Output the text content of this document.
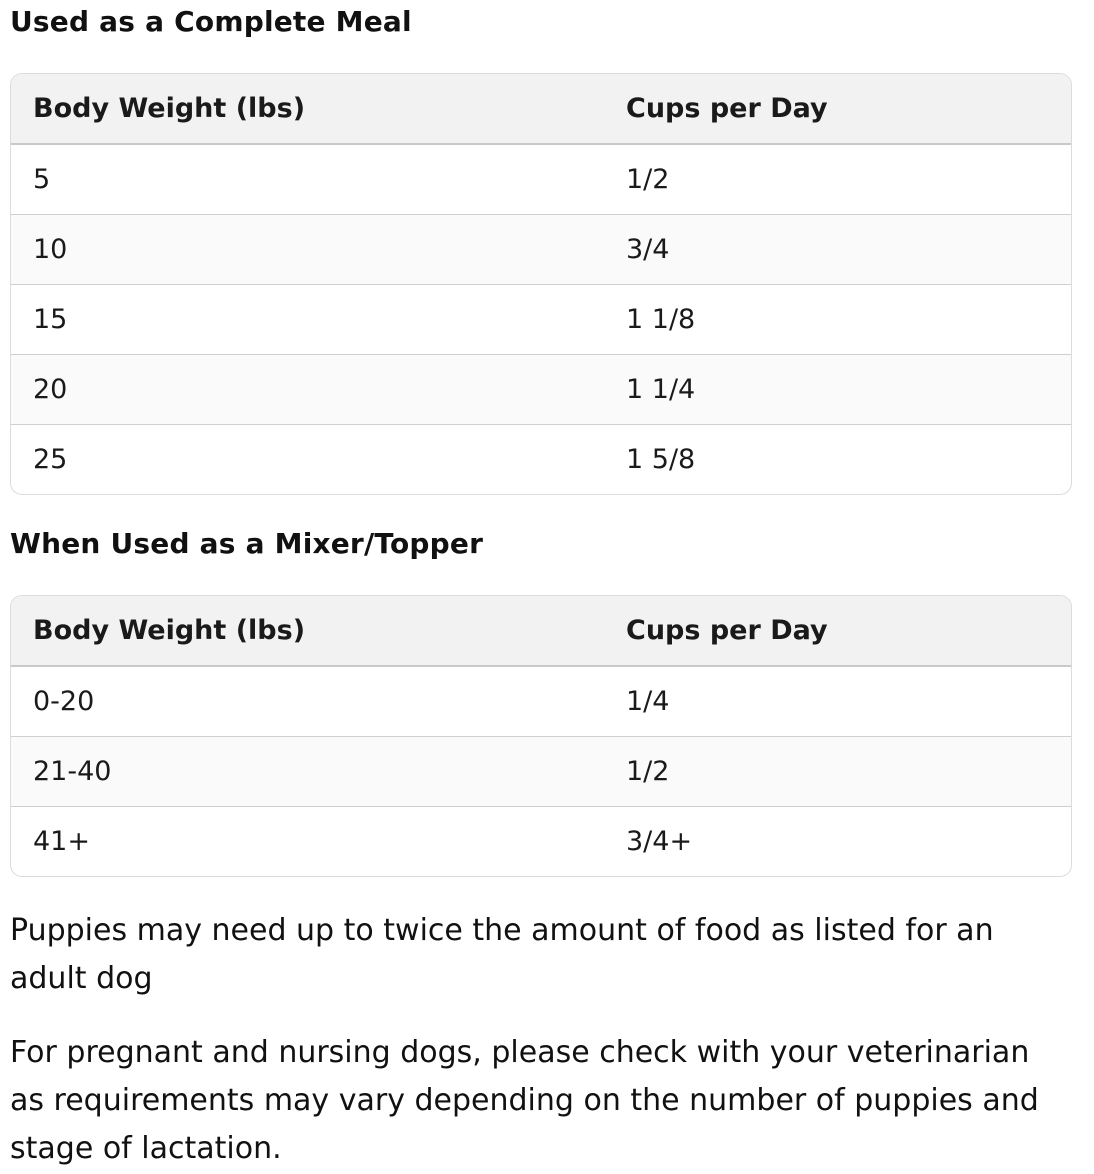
Used as a Complete Meal
Body Weight (lbs)	Cups per Day
5	1/2
10	3/4
15	1 1/8
20	1 1/4
25	1 5/8
When Used as a Mixer/Topper
Body Weight (lbs)	Cups per Day
0-20	1/4
21-40	1/2
41+	3/4+

Puppies may need up to twice the amount of food as listed for an adult dog

For pregnant and nursing dogs, please check with your veterinarian as requirements may vary depending on the number of puppies and stage of lactation.
